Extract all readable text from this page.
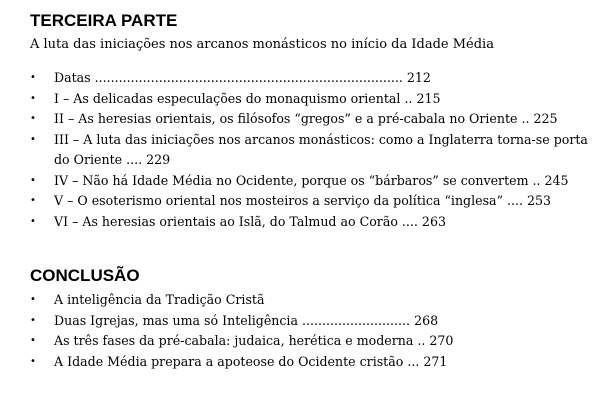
TERCEIRA PARTE

A luta das iniciações nos arcanos monásticos no início da Idade Média

• Datas ............................................................................. 212
• I – As delicadas especulações do monaquismo oriental .. 215
• II – As heresias orientais, os filósofos “gregos” e a pré-cabala no Oriente .. 225
• III – A luta das iniciações nos arcanos monásticos: como a Inglaterra torna-se porta do Oriente .... 229
• IV – Não há Idade Média no Ocidente, porque os “bárbaros” se convertem .. 245
• V – O esoterismo oriental nos mosteiros a serviço da política “inglesa” .... 253
• VI – As heresias orientais ao Islã, do Talmud ao Corão .... 263
CONCLUSÃO
• A inteligência da Tradição Cristã
• Duas Igrejas, mas uma só Inteligência ........................... 268
• As três fases da pré-cabala: judaica, herética e moderna .. 270
• A Idade Média prepara a apoteose do Ocidente cristão ... 271
